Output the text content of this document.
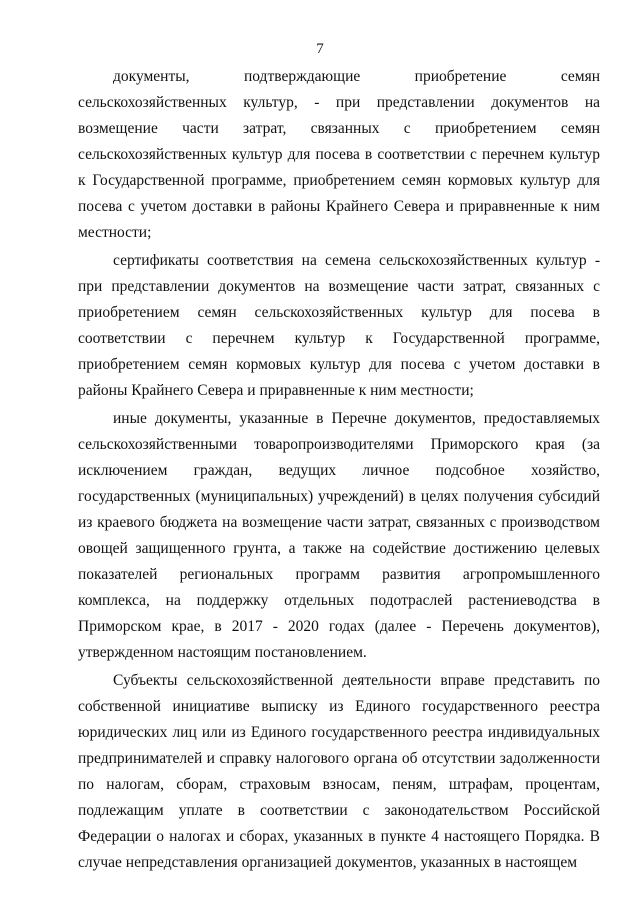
7

документы, подтверждающие приобретение семян сельскохозяйственных культур, - при представлении документов на возмещение части затрат, связанных с приобретением семян сельскохозяйственных культур для посева в соответствии с перечнем культур к Государственной программе, приобретением семян кормовых культур для посева с учетом доставки в районы Крайнего Севера и приравненные к ним местности;

сертификаты соответствия на семена сельскохозяйственных культур - при представлении документов на возмещение части затрат, связанных с приобретением семян сельскохозяйственных культур для посева в соответствии с перечнем культур к Государственной программе, приобретением семян кормовых культур для посева с учетом доставки в районы Крайнего Севера и приравненные к ним местности;

иные документы, указанные в Перечне документов, предоставляемых сельскохозяйственными товаропроизводителями Приморского края (за исключением граждан, ведущих личное подсобное хозяйство, государственных (муниципальных) учреждений) в целях получения субсидий из краевого бюджета на возмещение части затрат, связанных с производством овощей защищенного грунта, а также на содействие достижению целевых показателей региональных программ развития агропромышленного комплекса, на поддержку отдельных подотраслей растениеводства в Приморском крае, в 2017 - 2020 годах (далее - Перечень документов), утвержденном настоящим постановлением.

Субъекты сельскохозяйственной деятельности вправе представить по собственной инициативе выписку из Единого государственного реестра юридических лиц или из Единого государственного реестра индивидуальных предпринимателей и справку налогового органа об отсутствии задолженности по налогам, сборам, страховым взносам, пеням, штрафам, процентам, подлежащим уплате в соответствии с законодательством Российской Федерации о налогах и сборах, указанных в пункте 4 настоящего Порядка. В случае непредставления организацией документов, указанных в настоящем
